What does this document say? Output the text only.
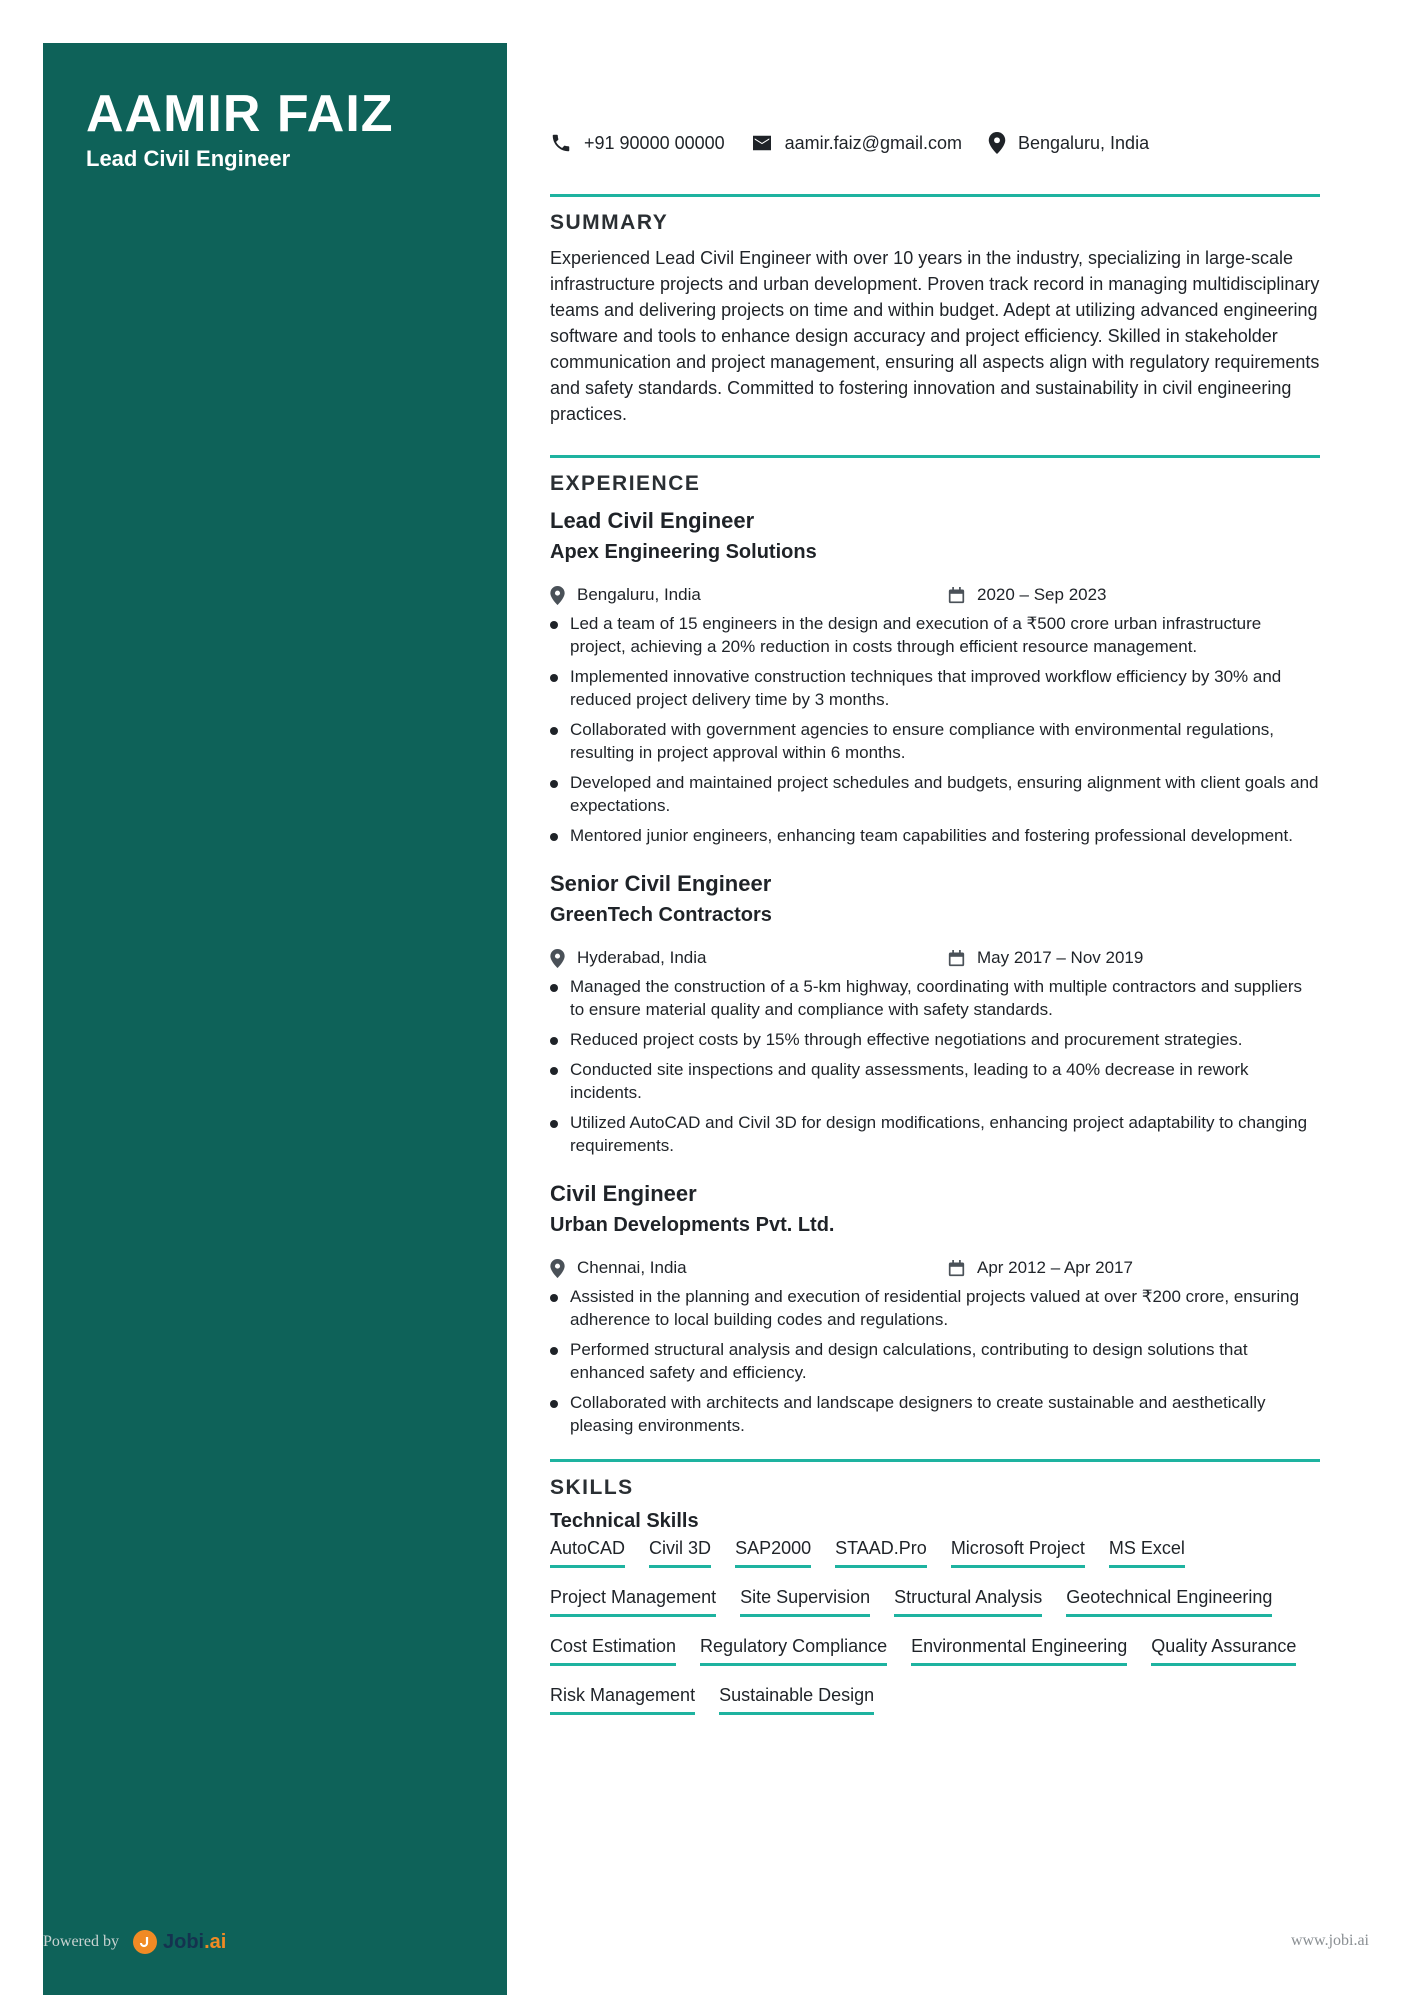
AAMIR FAIZ
Lead Civil Engineer
+91 90000 00000	aamir.faiz@gmail.com	Bengaluru, India
SUMMARY

Experienced Lead Civil Engineer with over 10 years in the industry, specializing in large-scale infrastructure projects and urban development. Proven track record in managing multidisciplinary teams and delivering projects on time and within budget. Adept at utilizing advanced engineering software and tools to enhance design accuracy and project efficiency. Skilled in stakeholder communication and project management, ensuring all aspects align with regulatory requirements and safety standards. Committed to fostering innovation and sustainability in civil engineering practices.

EXPERIENCE
Lead Civil Engineer
Apex Engineering Solutions
Bengaluru, India	2020 – Sep 2023
Led a team of 15 engineers in the design and execution of a ₹500 crore urban infrastructure project, achieving a 20% reduction in costs through efficient resource management.
Implemented innovative construction techniques that improved workflow efficiency by 30% and reduced project delivery time by 3 months.
Collaborated with government agencies to ensure compliance with environmental regulations, resulting in project approval within 6 months.
Developed and maintained project schedules and budgets, ensuring alignment with client goals and expectations.
Mentored junior engineers, enhancing team capabilities and fostering professional development.
Senior Civil Engineer
GreenTech Contractors
Hyderabad, India	May 2017 – Nov 2019
Managed the construction of a 5-km highway, coordinating with multiple contractors and suppliers to ensure material quality and compliance with safety standards.
Reduced project costs by 15% through effective negotiations and procurement strategies.
Conducted site inspections and quality assessments, leading to a 40% decrease in rework incidents.
Utilized AutoCAD and Civil 3D for design modifications, enhancing project adaptability to changing requirements.
Civil Engineer
Urban Developments Pvt. Ltd.
Chennai, India	Apr 2012 – Apr 2017
Assisted in the planning and execution of residential projects valued at over ₹200 crore, ensuring adherence to local building codes and regulations.
Performed structural analysis and design calculations, contributing to design solutions that enhanced safety and efficiency.
Collaborated with architects and landscape designers to create sustainable and aesthetically pleasing environments.
SKILLS
Technical Skills
AutoCAD Civil 3D SAP2000 STAAD.Pro Microsoft Project MS Excel
Project Management Site Supervision Structural Analysis Geotechnical Engineering
Cost Estimation Regulatory Compliance Environmental Engineering Quality Assurance
Risk Management Sustainable Design
Powered by Jobi.ai	www.jobi.ai
